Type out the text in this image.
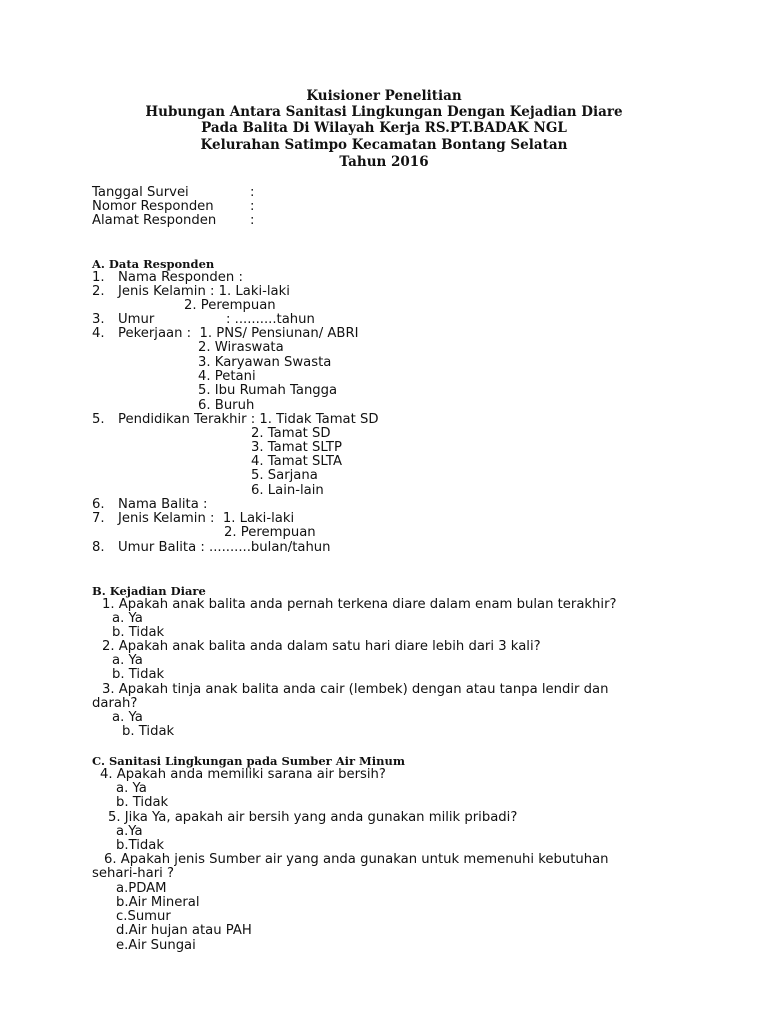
Kuisioner Penelitian
Hubungan Antara Sanitasi Lingkungan Dengan Kejadian Diare
Pada Balita Di Wilayah Kerja RS.PT.BADAK NGL
Kelurahan Satimpo Kecamatan Bontang Selatan
Tahun 2016
Tanggal Survei	:
Nomor Responden	:
Alamat Responden	:
A. Data Responden
1. Nama Responden :
2. Jenis Kelamin : 1. Laki-laki
2. Perempuan
3. Umur	: ..........tahun
4. Pekerjaan :  1. PNS/ Pensiunan/ ABRI
2. Wiraswata
3. Karyawan Swasta
4. Petani
5. Ibu Rumah Tangga
6. Buruh
5. Pendidikan Terakhir : 1. Tidak Tamat SD
2. Tamat SD
3. Tamat SLTP
4. Tamat SLTA
5. Sarjana
6. Lain-lain
6. Nama Balita :
7. Jenis Kelamin :  1. Laki-laki
2. Perempuan
8. Umur Balita : ..........bulan/tahun
B. Kejadian Diare
1. Apakah anak balita anda pernah terkena diare dalam enam bulan terakhir?
a. Ya
b. Tidak
2. Apakah anak balita anda dalam satu hari diare lebih dari 3 kali?
a. Ya
b. Tidak
3. Apakah tinja anak balita anda cair (lembek) dengan atau tanpa lendir dan
darah?
a. Ya
b. Tidak
C. Sanitasi Lingkungan pada Sumber Air Minum
4. Apakah anda memiliki sarana air bersih?
a. Ya
b. Tidak
5. Jika Ya, apakah air bersih yang anda gunakan milik pribadi?
a.Ya
b.Tidak
6. Apakah jenis Sumber air yang anda gunakan untuk memenuhi kebutuhan
sehari-hari ?
a.PDAM
b.Air Mineral
c.Sumur
d.Air hujan atau PAH
e.Air Sungai
